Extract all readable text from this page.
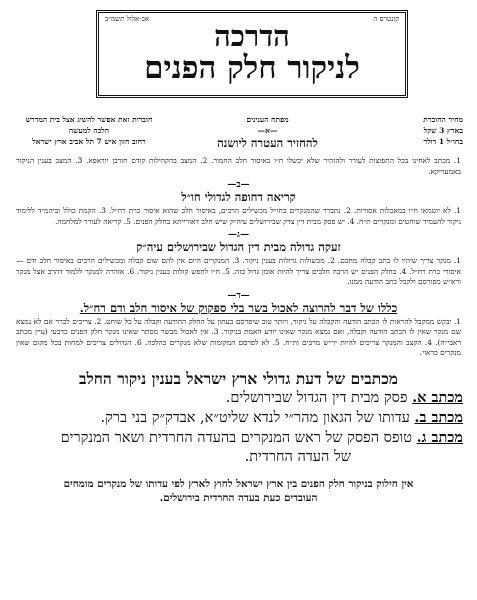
קונטרס ה
אב-אלול תשמ״ב	הדרכה
לניקור חלק הפנים
מחיר החוברת
בארץ 3 שקל
בחו״ל 1 דולר
מפתח הענינים
—א—
להחזיר העטרה ליושנה
חוברות זאת אפשר להשיג אצל בית המדרש
הלכה למעשה
רחוב חזון איש 7 תל אביב ארץ ישראל
1. מכתב לאחינו בכל התפוצות לעורר ולהזהיר שלא יכשלו ח״ו באיסור חלב החמור. 2. המצב בהקהילות קודם חורבן יוראפא. 3. המצב בענין הניקור באמעריקא.
—ב—
קריאה דחופה לגדולי חו״ל
1. לא יוטמאו ח״ו במאכלות אסורות. 2. נתברר שהמנקרים בחו״ל מכשילים הרבים, באיסור חלב שהוא איסור כרת רח״ל. 3. הקמת כולל וביהמ״ד ללימוד ניקור להעמיד שוחטים ומנקרים ת״ח. 4. יש פסק מבית דין צדק שבירושלים עיה״ק שיש חלב דאורייתא בחלק הפנים. 5. קריאה לעורר למלחמה.
—ג—
זעקה גדולה מבית דין הגדול שבירושלים עיה״ק
1. מנקר צריך שיהיו לו כתב קבלה מחכם. 2. מכשולות גדולות בענין ניקור. 3. המנקרים היום אין להם שום קבלה ומכשילים הרבים באיסור חלב ודם — איסורי כרת רח״ל. 4. בחלק הפנים יש הרבה חלבים צריך להיות אומן גדול בזה. 5. ח״ו לחפש קולות בענין ניקור. 6. אזהרה למנקר ללמוד דהרב אצל מנקר ורא״ש מפורסם ולקבל כתב הודעה ממנו.
—ד—
כללו של דבר להרוצה לאכול בשר בלי ספקוק של איסור חלב ודם רח״ל.
1. יבקש ממקבל להראות לו הכתב הודעה והקבלה על ניקור, ויותר טוב שיפרסם בעתון על החלק ההודעה וקבלה על כל שוחט. 2. צריכים לברר אם לא נמצא שם מנקר שאין לו הכתב הודעה וקבלה, ואם נמצא מנקר שאינו יודע האמת בניקור. 3. אין לאכול מבשר מסתר שאינו מנקר חלק הפנים כדבעי (עיין מכתב ראבי״ה). 4. הקצב והמנקר צריכים להיות יר״ש מרבים ות״ח. 5. לא לפרסם המקומות שלא מנקרים כהלכה. 6. הגדולים צריכים למחות בכל מקום שאין מנקרים כראוי.
מכתבים של דעת גדולי ארץ ישראל בענין ניקור החלב
מכתב א. פסק מבית דין הגדול שבירושלים.
מכתב ב. עדותו של הגאון מהר״י לנדא שליט״א, אבדק״ק בני ברק.
מכתב ג. טופס הפסק של ראש המנקרים בהעדה החרדית ושאר המנקרים
של העדה החרדית.
אין חילוק בניקור חלק הפנים בין ארץ ישראל לחוץ לארץ לפי עדותו של מנקרים מומחים
העובדים כעת בעדה החרדית בירושלים.
